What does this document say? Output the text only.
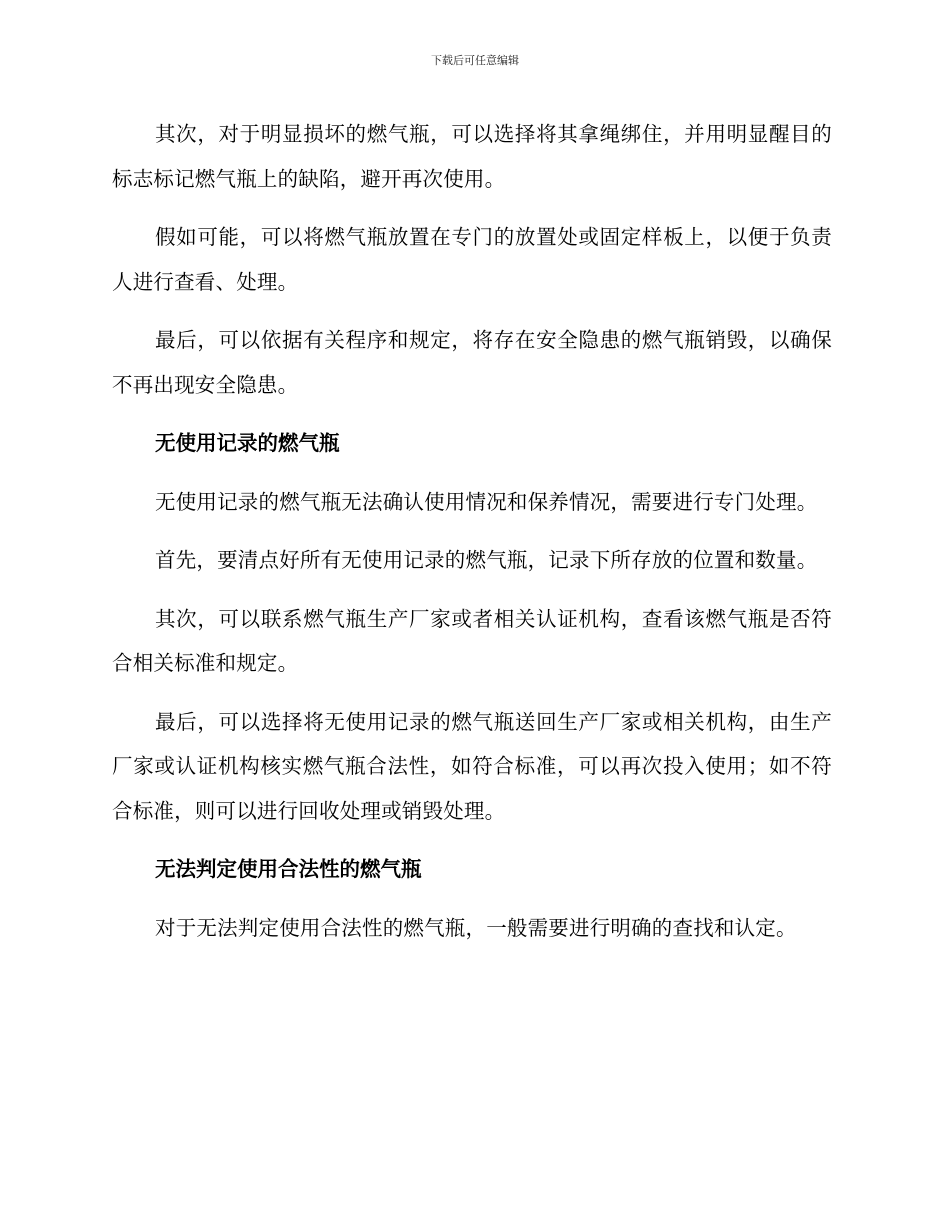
下载后可任意编辑

其次，对于明显损坏的燃气瓶，可以选择将其拿绳绑住，并用明显醒目的标志标记燃气瓶上的缺陷，避开再次使用。

假如可能，可以将燃气瓶放置在专门的放置处或固定样板上，以便于负责人进行查看、处理。

最后，可以依据有关程序和规定，将存在安全隐患的燃气瓶销毁，以确保不再出现安全隐患。

无使用记录的燃气瓶

无使用记录的燃气瓶无法确认使用情况和保养情况，需要进行专门处理。

首先，要清点好所有无使用记录的燃气瓶，记录下所存放的位置和数量。

其次，可以联系燃气瓶生产厂家或者相关认证机构，查看该燃气瓶是否符合相关标准和规定。

最后，可以选择将无使用记录的燃气瓶送回生产厂家或相关机构，由生产厂家或认证机构核实燃气瓶合法性，如符合标准，可以再次投入使用；如不符合标准，则可以进行回收处理或销毁处理。

无法判定使用合法性的燃气瓶

对于无法判定使用合法性的燃气瓶，一般需要进行明确的查找和认定。
